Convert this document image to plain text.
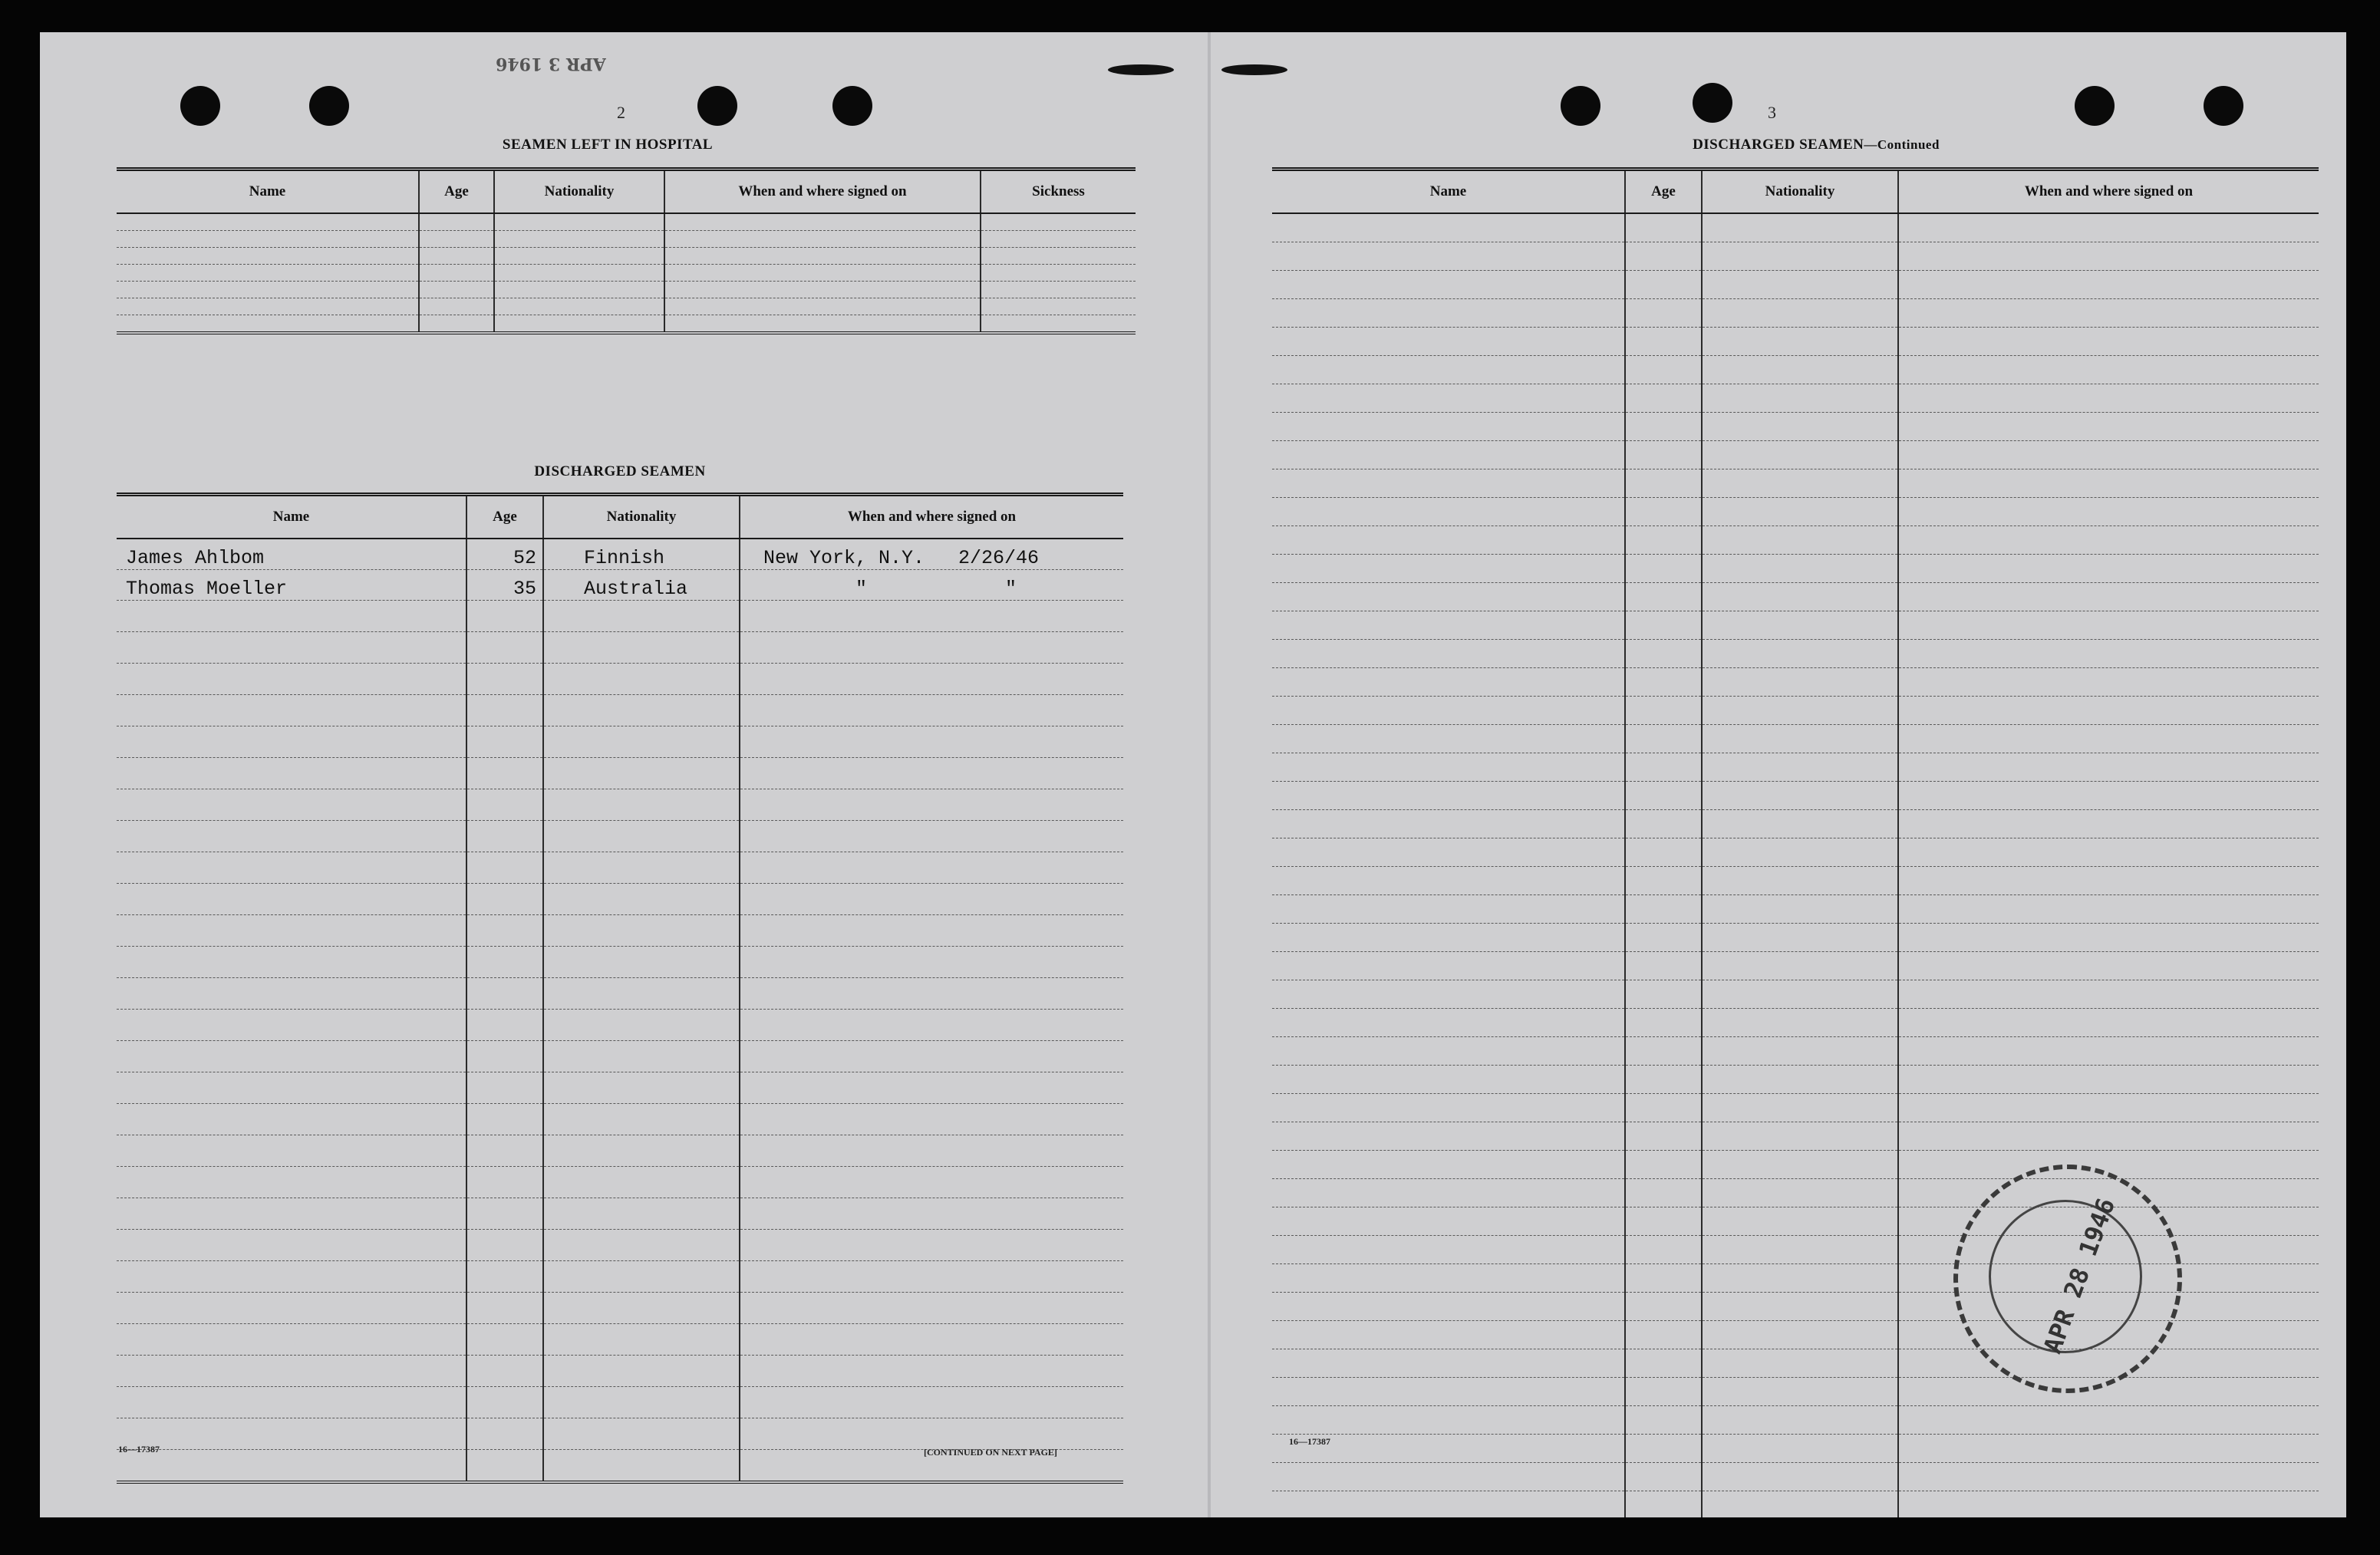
APR 3 1946
2
SEAMEN LEFT IN HOSPITAL
Name	Age	Nationality	When and where signed on	Sickness

DISCHARGED SEAMEN
Name	Age	Nationality	When and where signed on
James Ahlbom	52	Finnish	New York, N.Y. 2/26/46
Thomas Moeller	35	Australia	" "

16—17387	[CONTINUED ON NEXT PAGE]
3
DISCHARGED SEAMEN—Continued
Name	Age	Nationality	When and where signed on

16—17387
APR 28 1946
